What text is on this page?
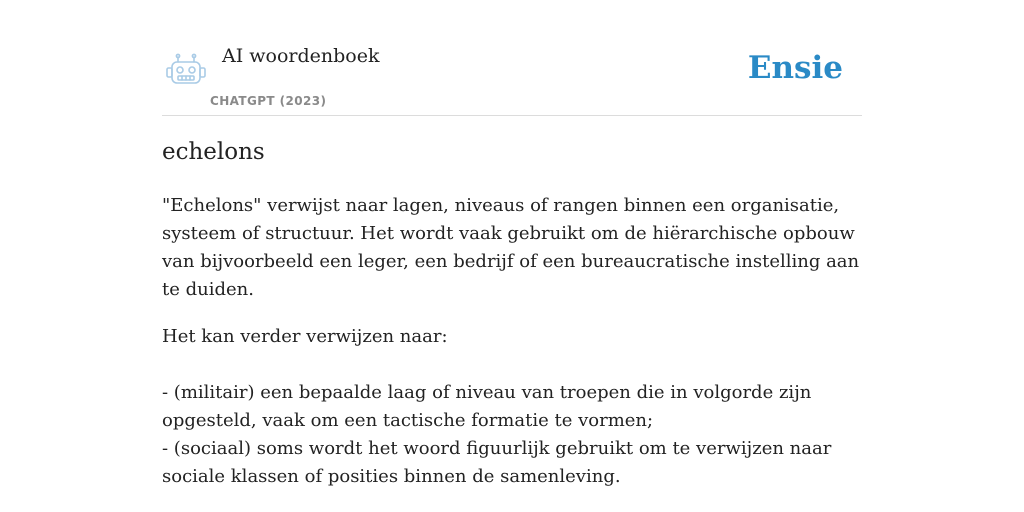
AI woordenboek
CHATGPT (2023)
Ensie
echelons

"Echelons" verwijst naar lagen, niveaus of rangen binnen een organisatie, systeem of structuur. Het wordt vaak gebruikt om de hiërarchische opbouw van bijvoorbeeld een leger, een bedrijf of een bureaucratische instelling aan te duiden.

Het kan verder verwijzen naar:

- (militair) een bepaalde laag of niveau van troepen die in volgorde zijn opgesteld, vaak om een tactische formatie te vormen;

- (sociaal) soms wordt het woord figuurlijk gebruikt om te verwijzen naar sociale klassen of posities binnen de samenleving.
